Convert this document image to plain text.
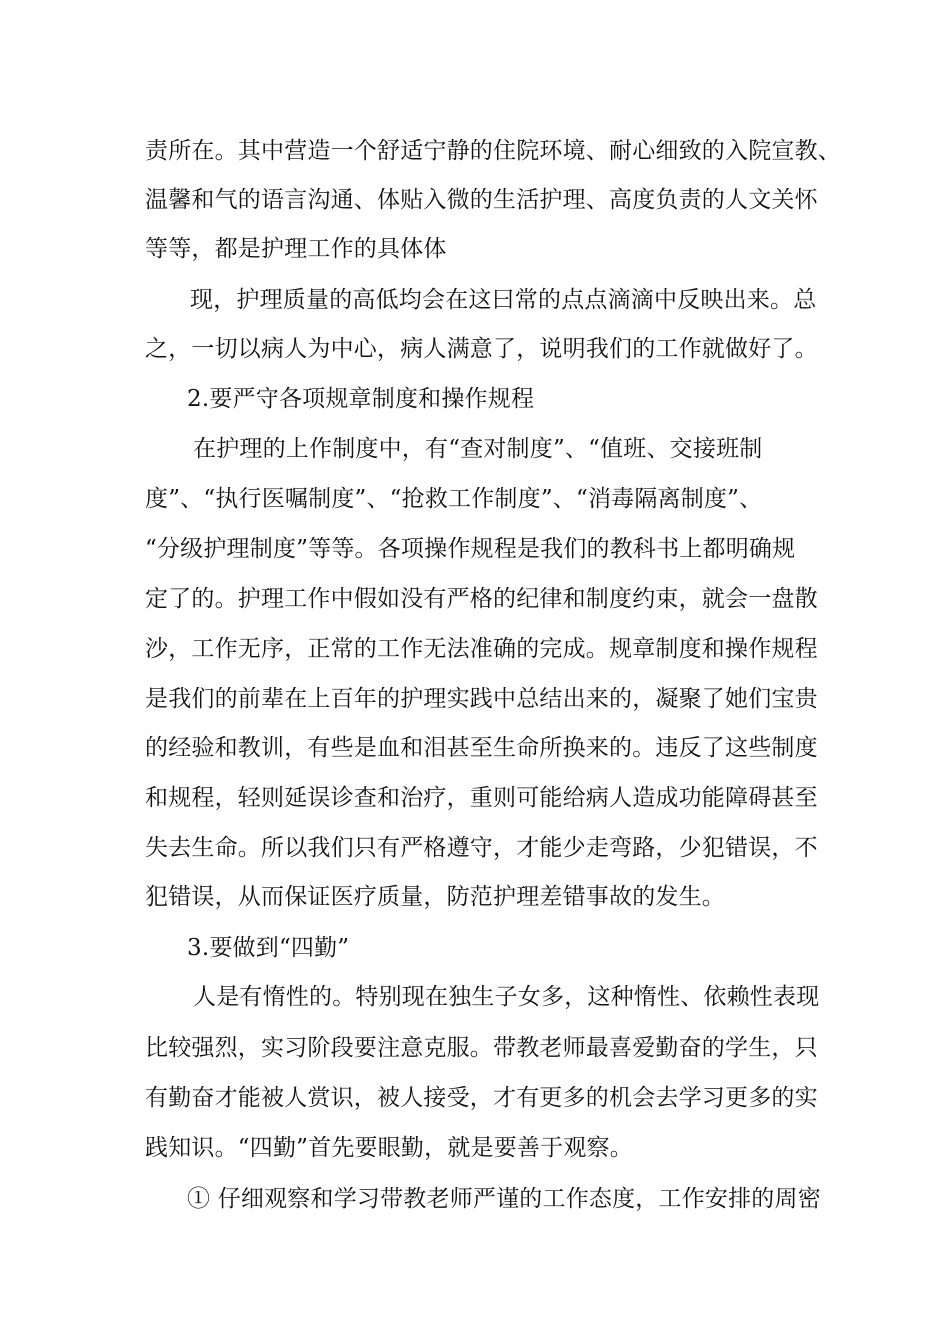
责所在。其中营造一个舒适宁静的住院环境、耐心细致的入院宣教、
温馨和气的语言沟通、体贴入微的生活护理、高度负责的人文关怀
等等，都是护理工作的具体体
现，护理质量的高低均会在这曰常的点点滴滴中反映出来。总
之，一切以病人为中心，病人满意了，说明我们的工作就做好了。
2.要严守各项规章制度和操作规程
在护理的上作制度中，有“查对制度”、“值班、交接班制
度”、“执行医嘱制度”、“抢救工作制度”、“消毒隔离制度”、
“分级护理制度”等等。各项操作规程是我们的教科书上都明确规
定了的。护理工作中假如没有严格的纪律和制度约束，就会一盘散
沙，工作无序，正常的工作无法准确的完成。规章制度和操作规程
是我们的前辈在上百年的护理实践中总结出来的，凝聚了她们宝贵
的经验和教训，有些是血和泪甚至生命所换来的。违反了这些制度
和规程，轻则延误诊查和治疗，重则可能给病人造成功能障碍甚至
失去生命。所以我们只有严格遵守，才能少走弯路，少犯错误，不
犯错误，从而保证医疗质量，防范护理差错事故的发生。
3.要做到“四勤”
人是有惰性的。特别现在独生子女多，这种惰性、依赖性表现
比较强烈，实习阶段要注意克服。带教老师最喜爱勤奋的学生，只
有勤奋才能被人赏识，被人接受，才有更多的机会去学习更多的实
践知识。“四勤”首先要眼勤，就是要善于观察。
① 仔细观察和学习带教老师严谨的工作态度，工作安排的周密
